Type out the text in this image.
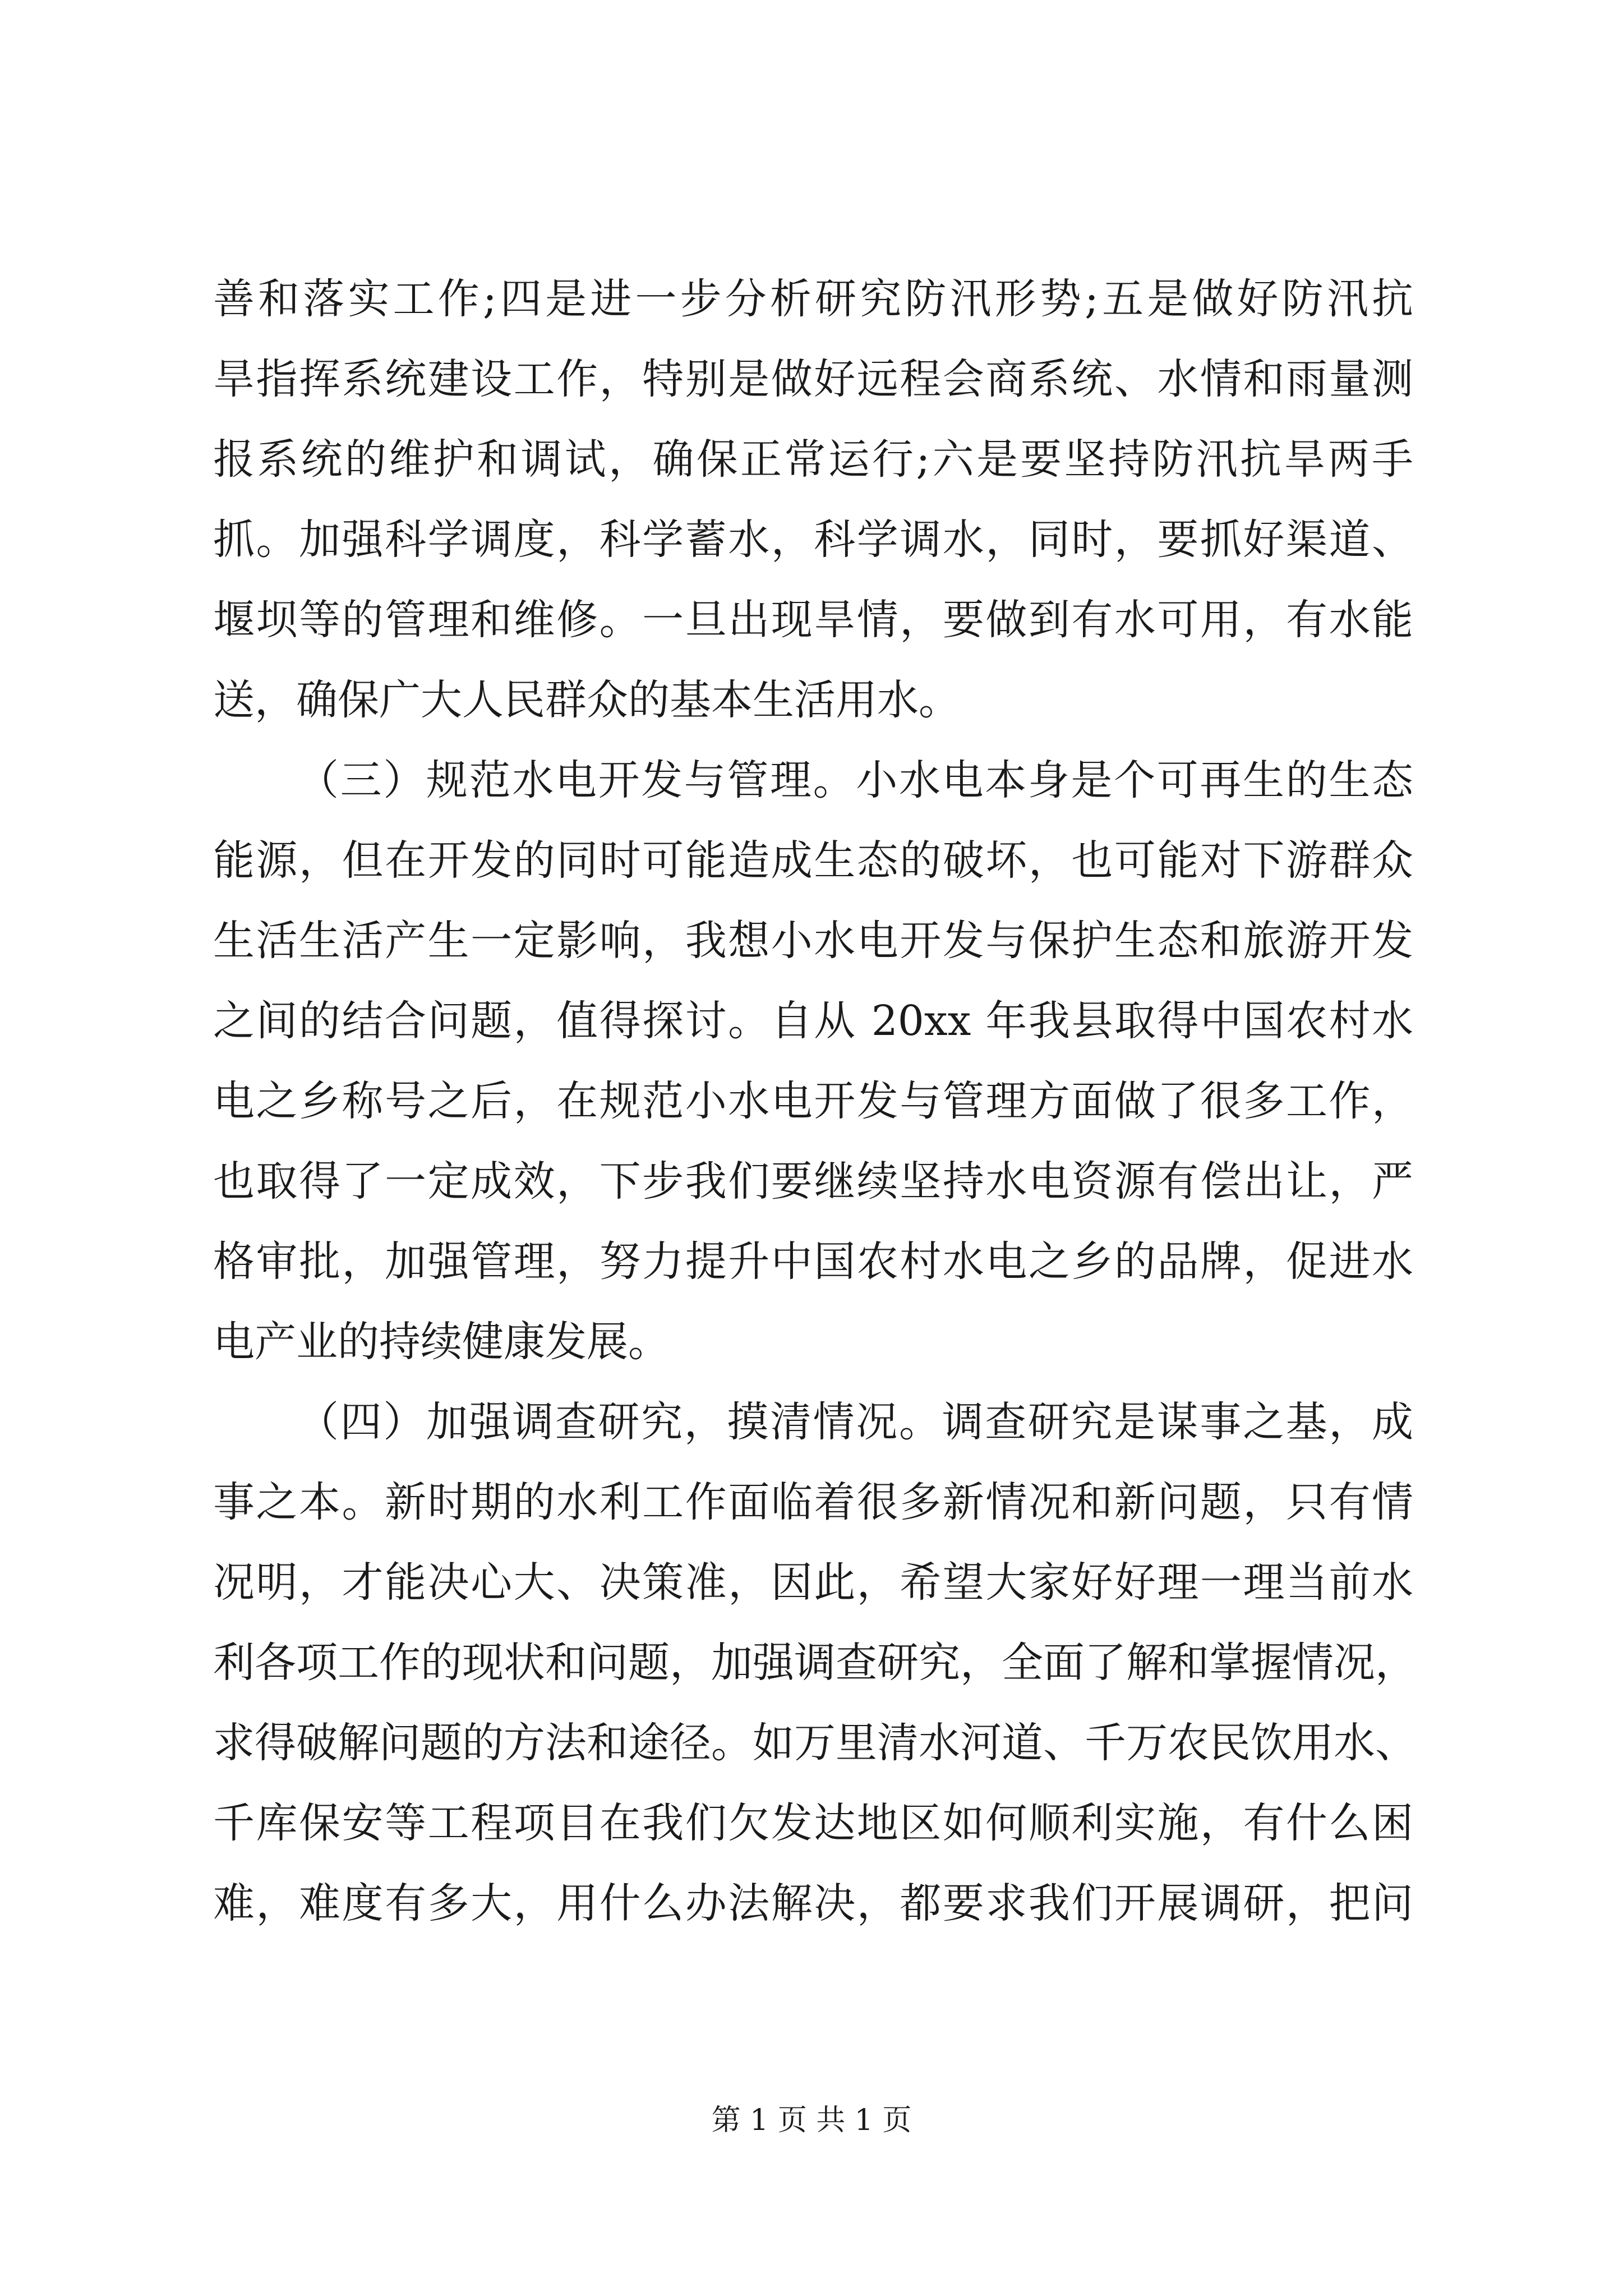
善和落实工作;四是进一步分析研究防汛形势;五是做好防汛抗
旱指挥系统建设工作，特别是做好远程会商系统、水情和雨量测
报系统的维护和调试，确保正常运行;六是要坚持防汛抗旱两手
抓。加强科学调度，科学蓄水，科学调水，同时，要抓好渠道、
堰坝等的管理和维修。一旦出现旱情，要做到有水可用，有水能
送，确保广大人民群众的基本生活用水。
（三）规范水电开发与管理。小水电本身是个可再生的生态
能源，但在开发的同时可能造成生态的破坏，也可能对下游群众
生活生活产生一定影响，我想小水电开发与保护生态和旅游开发
之间的结合问题，值得探讨。自从 20xx 年我县取得中国农村水
电之乡称号之后，在规范小水电开发与管理方面做了很多工作，
也取得了一定成效，下步我们要继续坚持水电资源有偿出让，严
格审批，加强管理，努力提升中国农村水电之乡的品牌，促进水
电产业的持续健康发展。
（四）加强调查研究，摸清情况。调查研究是谋事之基，成
事之本。新时期的水利工作面临着很多新情况和新问题，只有情
况明，才能决心大、决策准，因此，希望大家好好理一理当前水
利各项工作的现状和问题，加强调查研究，全面了解和掌握情况，
求得破解问题的方法和途径。如万里清水河道、千万农民饮用水、
千库保安等工程项目在我们欠发达地区如何顺利实施，有什么困
难，难度有多大，用什么办法解决，都要求我们开展调研，把问
第 1 页 共 1 页
